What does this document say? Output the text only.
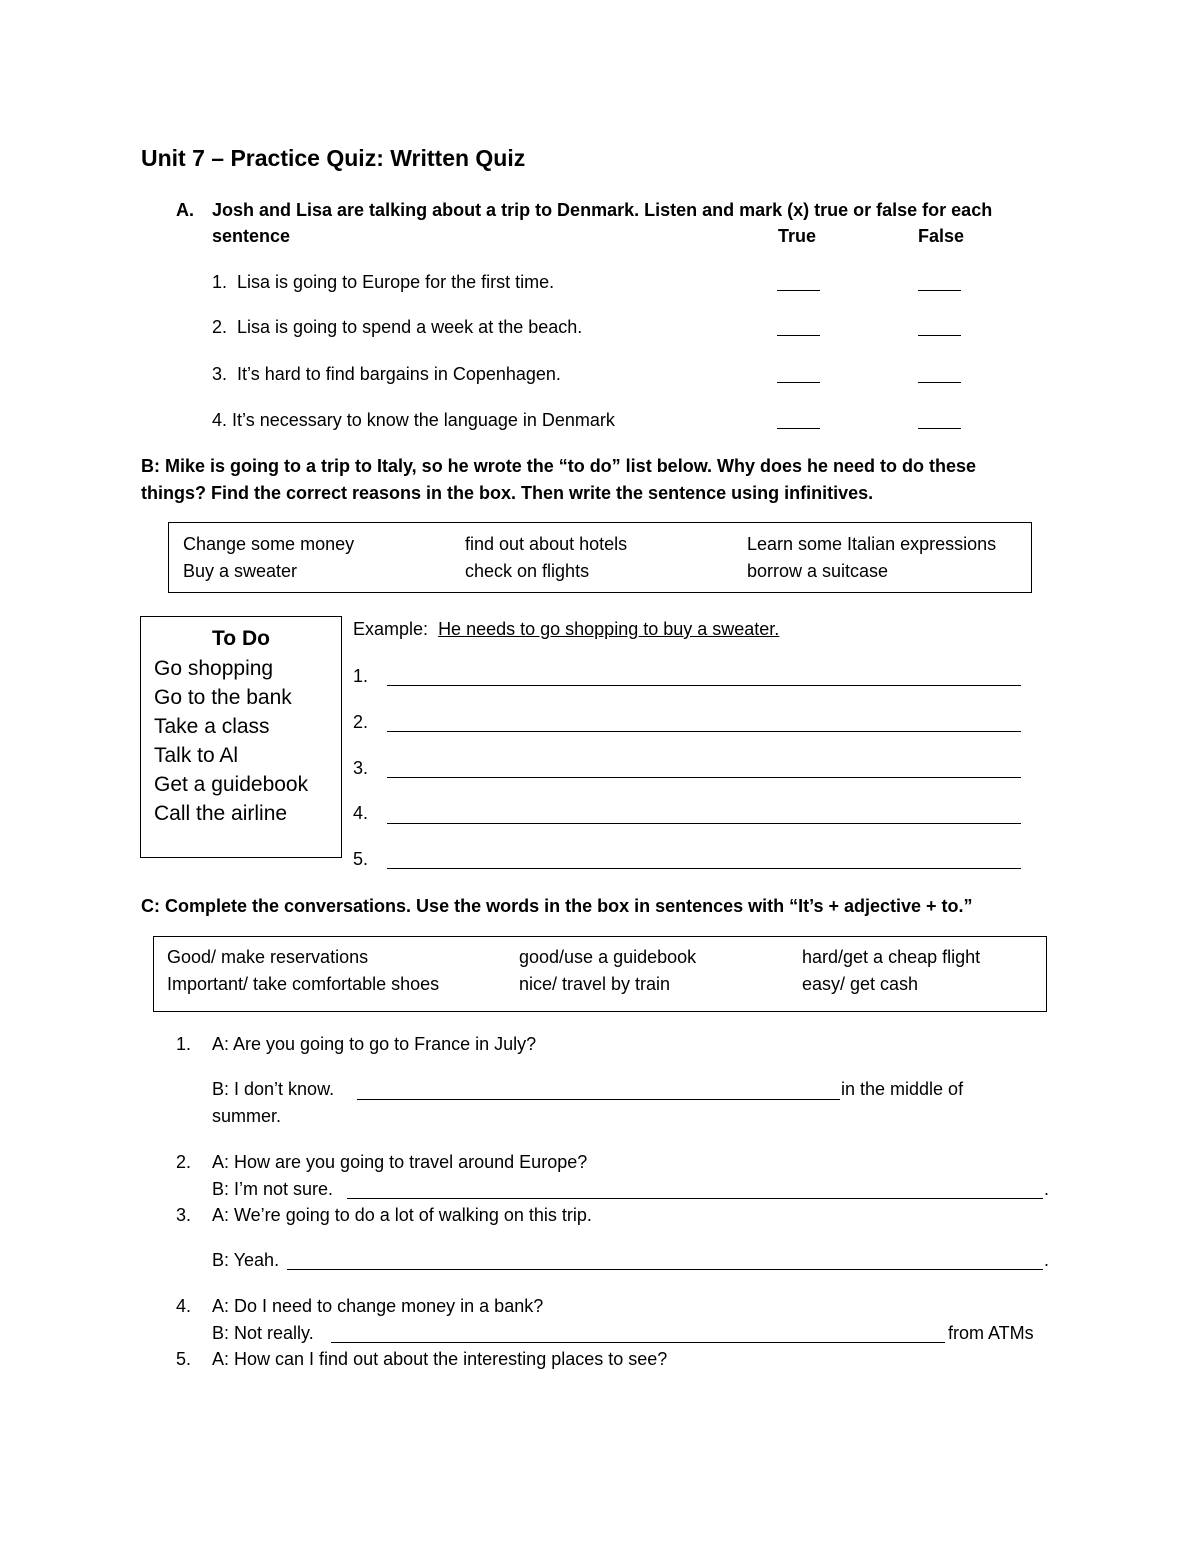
Unit 7 – Practice Quiz: Written Quiz
A. Josh and Lisa are talking about a trip to Denmark. Listen and mark (x) true or false for each
sentence	True	False
1. Lisa is going to Europe for the first time.
2. Lisa is going to spend a week at the beach.
3. It’s hard to find bargains in Copenhagen.
4. It’s necessary to know the language in Denmark
B: Mike is going to a trip to Italy, so he wrote the “to do” list below. Why does he need to do these
things? Find the correct reasons in the box. Then write the sentence using infinitives.
Change some money	find out about hotels	Learn some Italian expressions
Buy a sweater	check on flights	borrow a suitcase
To Do
Go shopping
Go to the bank
Take a class
Talk to Al
Get a guidebook
Call the airline
Example: He needs to go shopping to buy a sweater.
1.
2.
3.
4.
5.
C: Complete the conversations. Use the words in the box in sentences with “It’s + adjective + to.”
Good/ make reservations	good/use a guidebook	hard/get a cheap flight
Important/ take comfortable shoes	nice/ travel by train	easy/ get cash
1. A: Are you going to go to France in July?
B: I don’t know.	in the middle of
summer.
2. A: How are you going to travel around Europe?
B: I’m not sure.	.
3. A: We’re going to do a lot of walking on this trip.
B: Yeah.	.
4. A: Do I need to change money in a bank?
B: Not really.	from ATMs
5. A: How can I find out about the interesting places to see?
